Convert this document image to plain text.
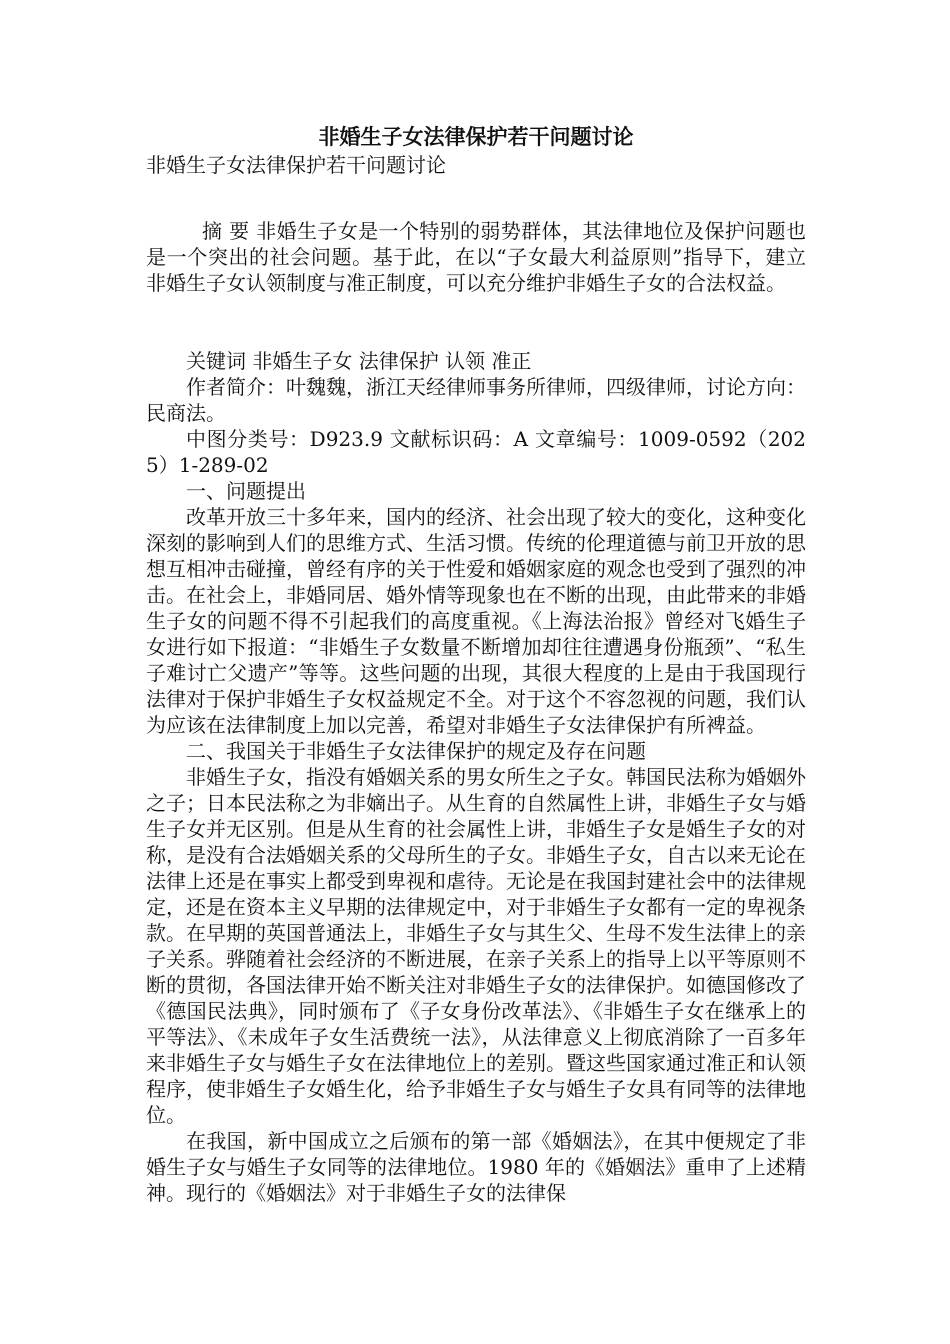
非婚生子女法律保护若干问题讨论

非婚生子女法律保护若干问题讨论

摘 要 非婚生子女是一个特别的弱势群体，其法律地位及保护问题也是一个突出的社会问题。基于此，在以“子女最大利益原则”指导下，建立非婚生子女认领制度与准正制度，可以充分维护非婚生子女的合法权益。

关键词 非婚生子女 法律保护 认领 准正

作者简介：叶魏魏，浙江天经律师事务所律师，四级律师，讨论方向：民商法。

中图分类号：D923.9 文献标识码：A 文章编号：1009-0592（2025）1-289-02

一、问题提出

改革开放三十多年来，国内的经济、社会出现了较大的变化，这种变化深刻的影响到人们的思维方式、生活习惯。传统的伦理道德与前卫开放的思想互相冲击碰撞，曾经有序的关于性爱和婚姻家庭的观念也受到了强烈的冲击。在社会上，非婚同居、婚外情等现象也在不断的出现，由此带来的非婚生子女的问题不得不引起我们的高度重视。《上海法治报》曾经对飞婚生子女进行如下报道：“非婚生子女数量不断增加却往往遭遇身份瓶颈”、“私生子难讨亡父遗产”等等。这些问题的出现，其很大程度的上是由于我国现行法律对于保护非婚生子女权益规定不全。对于这个不容忽视的问题，我们认为应该在法律制度上加以完善，希望对非婚生子女法律保护有所裨益。

二、我国关于非婚生子女法律保护的规定及存在问题

非婚生子女，指没有婚姻关系的男女所生之子女。韩国民法称为婚姻外之子；日本民法称之为非嫡出子。从生育的自然属性上讲，非婚生子女与婚生子女并无区别。但是从生育的社会属性上讲，非婚生子女是婚生子女的对称，是没有合法婚姻关系的父母所生的子女。非婚生子女，自古以来无论在法律上还是在事实上都受到卑视和虐待。无论是在我国封建社会中的法律规定，还是在资本主义早期的法律规定中，对于非婚生子女都有一定的卑视条款。在早期的英国普通法上，非婚生子女与其生父、生母不发生法律上的亲子关系。骅随着社会经济的不断进展，在亲子关系上的指导上以平等原则不断的贯彻，各国法律开始不断关注对非婚生子女的法律保护。如德国修改了《德国民法典》，同时颁布了《子女身份改革法》、《非婚生子女在继承上的平等法》、《未成年子女生活费统一法》，从法律意义上彻底消除了一百多年来非婚生子女与婚生子女在法律地位上的差别。暨这些国家通过准正和认领程序，使非婚生子女婚生化，给予非婚生子女与婚生子女具有同等的法律地位。

在我国，新中国成立之后颁布的第一部《婚姻法》，在其中便规定了非婚生子女与婚生子女同等的法律地位。1980 年的《婚姻法》重申了上述精神。现行的《婚姻法》对于非婚生子女的法律保
